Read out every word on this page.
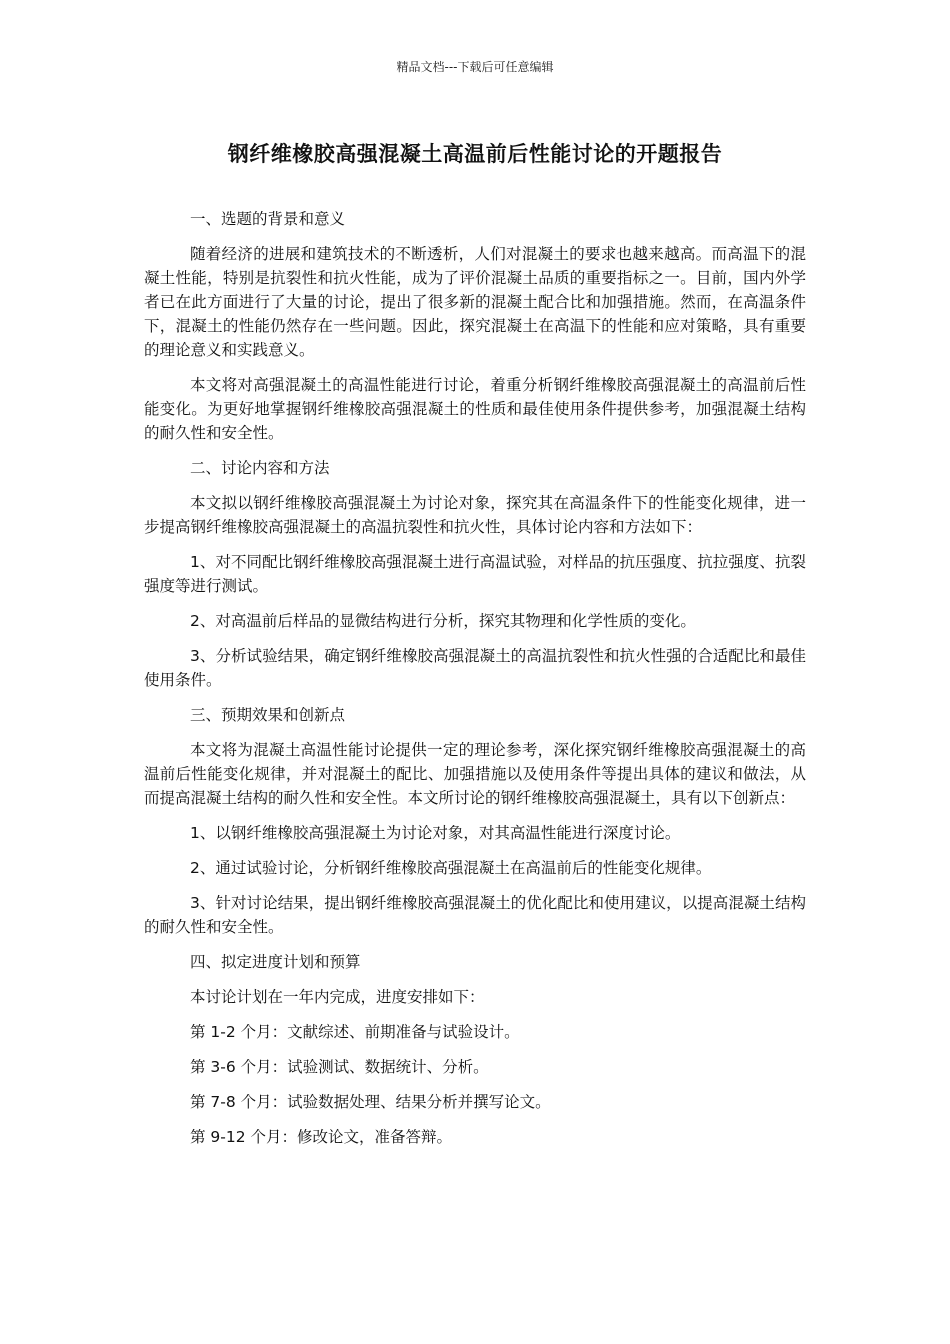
精品文档---下载后可任意编辑
钢纤维橡胶高强混凝土高温前后性能讨论的开题报告
一、选题的背景和意义
随着经济的进展和建筑技术的不断透析，人们对混凝土的要求也越来越高。而高温下的混凝土性能，特别是抗裂性和抗火性能，成为了评价混凝土品质的重要指标之一。目前，国内外学者已在此方面进行了大量的讨论，提出了很多新的混凝土配合比和加强措施。然而，在高温条件下，混凝土的性能仍然存在一些问题。因此，探究混凝土在高温下的性能和应对策略，具有重要的理论意义和实践意义。
本文将对高强混凝土的高温性能进行讨论，着重分析钢纤维橡胶高强混凝土的高温前后性能变化。为更好地掌握钢纤维橡胶高强混凝土的性质和最佳使用条件提供参考，加强混凝土结构的耐久性和安全性。
二、讨论内容和方法
本文拟以钢纤维橡胶高强混凝土为讨论对象，探究其在高温条件下的性能变化规律，进一步提高钢纤维橡胶高强混凝土的高温抗裂性和抗火性，具体讨论内容和方法如下：
1、对不同配比钢纤维橡胶高强混凝土进行高温试验，对样品的抗压强度、抗拉强度、抗裂强度等进行测试。
2、对高温前后样品的显微结构进行分析，探究其物理和化学性质的变化。
3、分析试验结果，确定钢纤维橡胶高强混凝土的高温抗裂性和抗火性强的合适配比和最佳使用条件。
三、预期效果和创新点
本文将为混凝土高温性能讨论提供一定的理论参考，深化探究钢纤维橡胶高强混凝土的高温前后性能变化规律，并对混凝土的配比、加强措施以及使用条件等提出具体的建议和做法，从而提高混凝土结构的耐久性和安全性。本文所讨论的钢纤维橡胶高强混凝土，具有以下创新点：
1、以钢纤维橡胶高强混凝土为讨论对象，对其高温性能进行深度讨论。
2、通过试验讨论，分析钢纤维橡胶高强混凝土在高温前后的性能变化规律。
3、针对讨论结果，提出钢纤维橡胶高强混凝土的优化配比和使用建议，以提高混凝土结构的耐久性和安全性。
四、拟定进度计划和预算
本讨论计划在一年内完成，进度安排如下：
第 1-2 个月：文献综述、前期准备与试验设计。
第 3-6 个月：试验测试、数据统计、分析。
第 7-8 个月：试验数据处理、结果分析并撰写论文。
第 9-12 个月：修改论文，准备答辩。
